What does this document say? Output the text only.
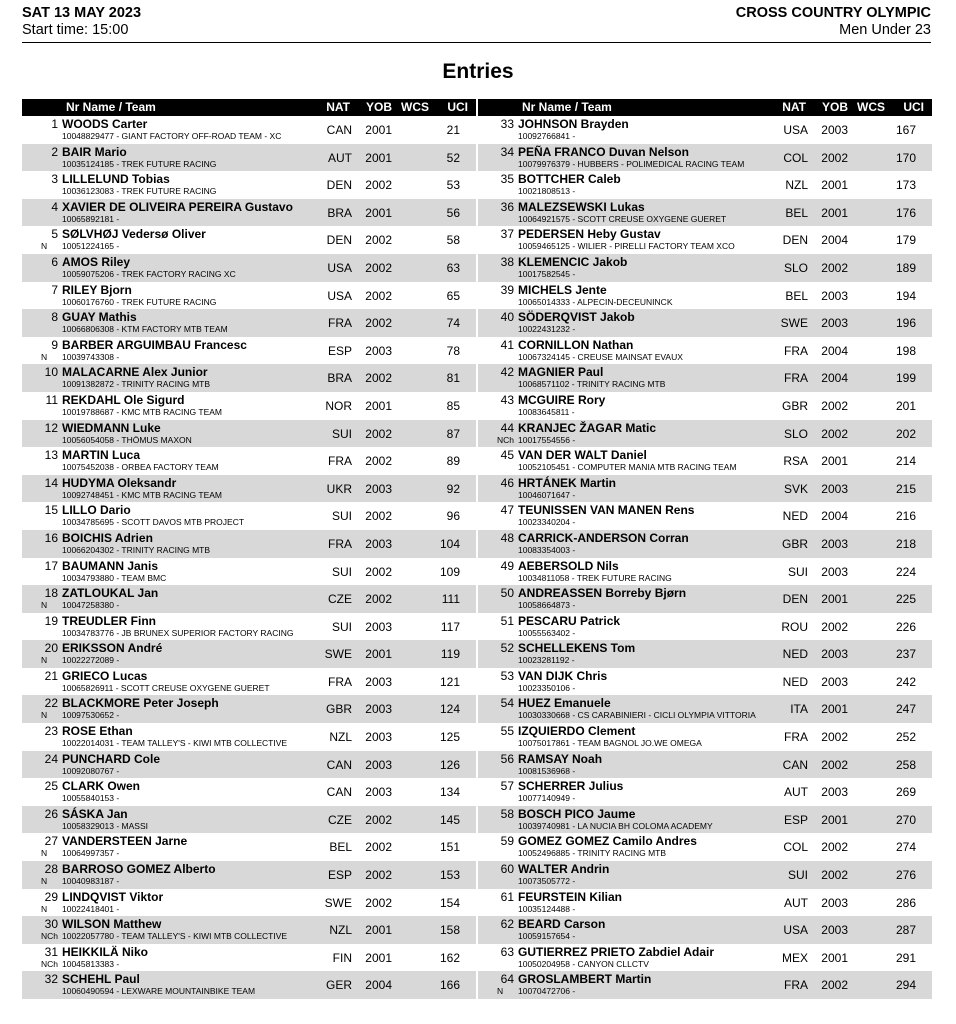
SAT 13 MAY 2023
Start time: 15:00
CROSS COUNTRY OLYMPIC
Men Under 23
Entries
Nr Name / Team	NAT YOB WCS UCI
1 WOODS Carter
10048829477 - GIANT FACTORY OFF-ROAD TEAM - XC	CAN 2001	21
2 BAIR Mario
10035124185 - TREK FUTURE RACING	AUT 2001	52
3 LILLELUND Tobias
10036123083 - TREK FUTURE RACING	DEN 2002	53
4 XAVIER DE OLIVEIRA PEREIRA Gustavo
10065892181 -	BRA 2001	56
5 SØLVHØJ Vedersø Oliver
N 10051224165 -	DEN 2002	58
6 AMOS Riley
10059075206 - TREK FACTORY RACING XC	USA 2002	63
7 RILEY Bjorn
10060176760 - TREK FUTURE RACING	USA 2002	65
8 GUAY Mathis
10066806308 - KTM FACTORY MTB TEAM	FRA 2002	74
9 BARBER ARGUIMBAU Francesc
N 10039743308 -	ESP 2003	78
10 MALACARNE Alex Junior
10091382872 - TRINITY RACING MTB	BRA 2002	81
11 REKDAHL Ole Sigurd
10019788687 - KMC MTB RACING TEAM	NOR 2001	85
12 WIEDMANN Luke
10056054058 - THÖMUS MAXON	SUI 2002	87
13 MARTIN Luca
10075452038 - ORBEA FACTORY TEAM	FRA 2002	89
14 HUDYMA Oleksandr
10092748451 - KMC MTB RACING TEAM	UKR 2003	92
15 LILLO Dario
10034785695 - SCOTT DAVOS MTB PROJECT	SUI 2002	96
16 BOICHIS Adrien
10066204302 - TRINITY RACING MTB	FRA 2003	104
17 BAUMANN Janis
10034793880 - TEAM BMC	SUI 2002	109
18 ZATLOUKAL Jan
N 10047258380 -	CZE 2002	111
19 TREUDLER Finn
10034783776 - JB BRUNEX SUPERIOR FACTORY RACING	SUI 2003	117
20 ERIKSSON André
N 10022272089 -	SWE 2001	119
21 GRIECO Lucas
10065826911 - SCOTT CREUSE OXYGENE GUERET	FRA 2003	121
22 BLACKMORE Peter Joseph
N 10097530652 -	GBR 2003	124
23 ROSE Ethan
10022014031 - TEAM TALLEY'S - KIWI MTB COLLECTIVE	NZL 2003	125
24 PUNCHARD Cole
10092080767 -	CAN 2003	126
25 CLARK Owen
10055840153 -	CAN 2003	134
26 SÁSKA Jan
10058329013 - MASSI	CZE 2002	145
27 VANDERSTEEN Jarne
N 10064997357 -	BEL 2002	151
28 BARROSO GOMEZ Alberto
N 10040983187 -	ESP 2002	153
29 LINDQVIST Viktor
N 10022418401 -	SWE 2002	154
30 WILSON Matthew
NCh 10022057780 - TEAM TALLEY'S - KIWI MTB COLLECTIVE	NZL 2001	158
31 HEIKKILÄ Niko
NCh 10045813383 -	FIN 2001	162
32 SCHEHL Paul
10060490594 - LEXWARE MOUNTAINBIKE TEAM	GER 2004	166
Nr Name / Team	NAT YOB WCS UCI
33 JOHNSON Brayden
10092766841 -	USA 2003	167
34 PEÑA FRANCO Duvan Nelson
10079976379 - HUBBERS - POLIMEDICAL RACING TEAM	COL 2002	170
35 BOTTCHER Caleb
10021808513 -	NZL 2001	173
36 MALEZSEWSKI Lukas
10064921575 - SCOTT CREUSE OXYGENE GUERET	BEL 2001	176
37 PEDERSEN Heby Gustav
10059465125 - WILIER - PIRELLI FACTORY TEAM XCO	DEN 2004	179
38 KLEMENCIC Jakob
10017582545 -	SLO 2002	189
39 MICHELS Jente
10065014333 - ALPECIN-DECEUNINCK	BEL 2003	194
40 SÖDERQVIST Jakob
10022431232 -	SWE 2003	196
41 CORNILLON Nathan
10067324145 - CREUSE MAINSAT EVAUX	FRA 2004	198
42 MAGNIER Paul
10068571102 - TRINITY RACING MTB	FRA 2004	199
43 MCGUIRE Rory
10083645811 -	GBR 2002	201
44 KRANJEC ŽAGAR Matic
NCh 10017554556 -	SLO 2002	202
45 VAN DER WALT Daniel
10052105451 - COMPUTER MANIA MTB RACING TEAM	RSA 2001	214
46 HRTÁNEK Martin
10046071647 -	SVK 2003	215
47 TEUNISSEN VAN MANEN Rens
10023340204 -	NED 2004	216
48 CARRICK-ANDERSON Corran
10083354003 -	GBR 2003	218
49 AEBERSOLD Nils
10034811058 - TREK FUTURE RACING	SUI 2003	224
50 ANDREASSEN Borreby Bjørn
10058664873 -	DEN 2001	225
51 PESCARU Patrick
10055563402 -	ROU 2002	226
52 SCHELLEKENS Tom
10023281192 -	NED 2003	237
53 VAN DIJK Chris
10023350106 -	NED 2003	242
54 HUEZ Emanuele
10030330668 - CS CARABINIERI - CICLI OLYMPIA VITTORIA	ITA 2001	247
55 IZQUIERDO Clement
10075017861 - TEAM BAGNOL JO.WE OMEGA	FRA 2002	252
56 RAMSAY Noah
10081536968 -	CAN 2002	258
57 SCHERRER Julius
10077140949 -	AUT 2003	269
58 BOSCH PICO Jaume
10039740981 - LA NUCIA BH COLOMA ACADEMY	ESP 2001	270
59 GOMEZ GOMEZ Camilo Andres
10052496885 - TRINITY RACING MTB	COL 2002	274
60 WALTER Andrin
10073505772 -	SUI 2002	276
61 FEURSTEIN Kilian
10035124488 -	AUT 2003	286
62 BEARD Carson
10059157654 -	USA 2003	287
63 GUTIERREZ PRIETO Zabdiel Adair
10050204958 - CANYON CLLCTV	MEX 2001	291
64 GROSLAMBERT Martin
N 10070472706 -	FRA 2002	294
